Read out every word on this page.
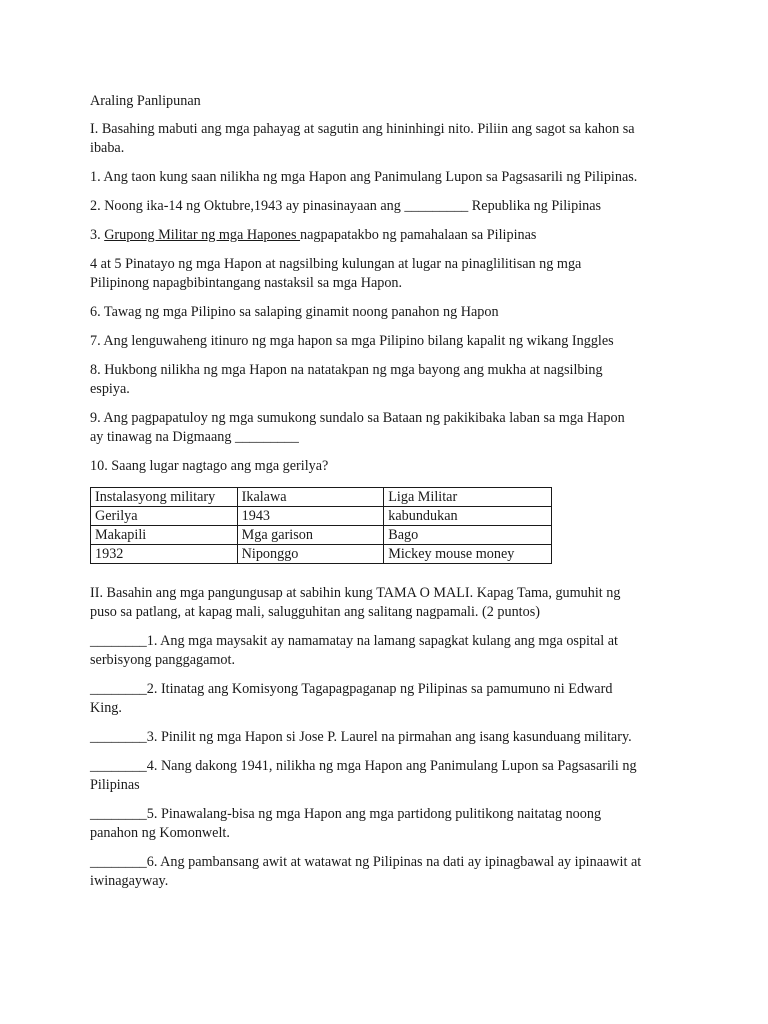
Araling Panlipunan

I. Basahing mabuti ang mga pahayag at sagutin ang hininhingi nito. Piliin ang sagot sa kahon sa
ibaba.

1. Ang taon kung saan nilikha ng mga Hapon ang Panimulang Lupon sa Pagsasarili ng Pilipinas.

2. Noong ika-14 ng Oktubre,1943 ay pinasinayaan ang _________ Republika ng Pilipinas

3. Grupong Militar ng mga Hapones nagpapatakbo ng pamahalaan sa Pilipinas

4 at 5 Pinatayo ng mga Hapon at nagsilbing kulungan at lugar na pinaglilitisan ng mga
Pilipinong napagbibintangang nastaksil sa mga Hapon.

6. Tawag ng mga Pilipino sa salaping ginamit noong panahon ng Hapon

7. Ang lenguwaheng itinuro ng mga hapon sa mga Pilipino bilang kapalit ng wikang Inggles

8. Hukbong nilikha ng mga Hapon na natatakpan ng mga bayong ang mukha at nagsilbing
espiya.

9. Ang pagpapatuloy ng mga sumukong sundalo sa Bataan ng pakikibaka laban sa mga Hapon
ay tinawag na Digmaang _________

10. Saang lugar nagtago ang mga gerilya?

Instalasyong military	Ikalawa	Liga Militar
Gerilya	1943	kabundukan
Makapili	Mga garison	Bago
1932	Niponggo	Mickey mouse money

II. Basahin ang mga pangungusap at sabihin kung TAMA O MALI. Kapag Tama, gumuhit ng
puso sa patlang, at kapag mali, salugguhitan ang salitang nagpamali. (2 puntos)

________1. Ang mga maysakit ay namamatay na lamang sapagkat kulang ang mga ospital at
serbisyong panggagamot.

________2. Itinatag ang Komisyong Tagapagpaganap ng Pilipinas sa pamumuno ni Edward
King.

________3. Pinilit ng mga Hapon si Jose P. Laurel na pirmahan ang isang kasunduang military.

________4. Nang dakong 1941, nilikha ng mga Hapon ang Panimulang Lupon sa Pagsasarili ng
Pilipinas

________5. Pinawalang-bisa ng mga Hapon ang mga partidong pulitikong naitatag noong
panahon ng Komonwelt.

________6. Ang pambansang awit at watawat ng Pilipinas na dati ay ipinagbawal ay ipinaawit at
iwinagayway.
